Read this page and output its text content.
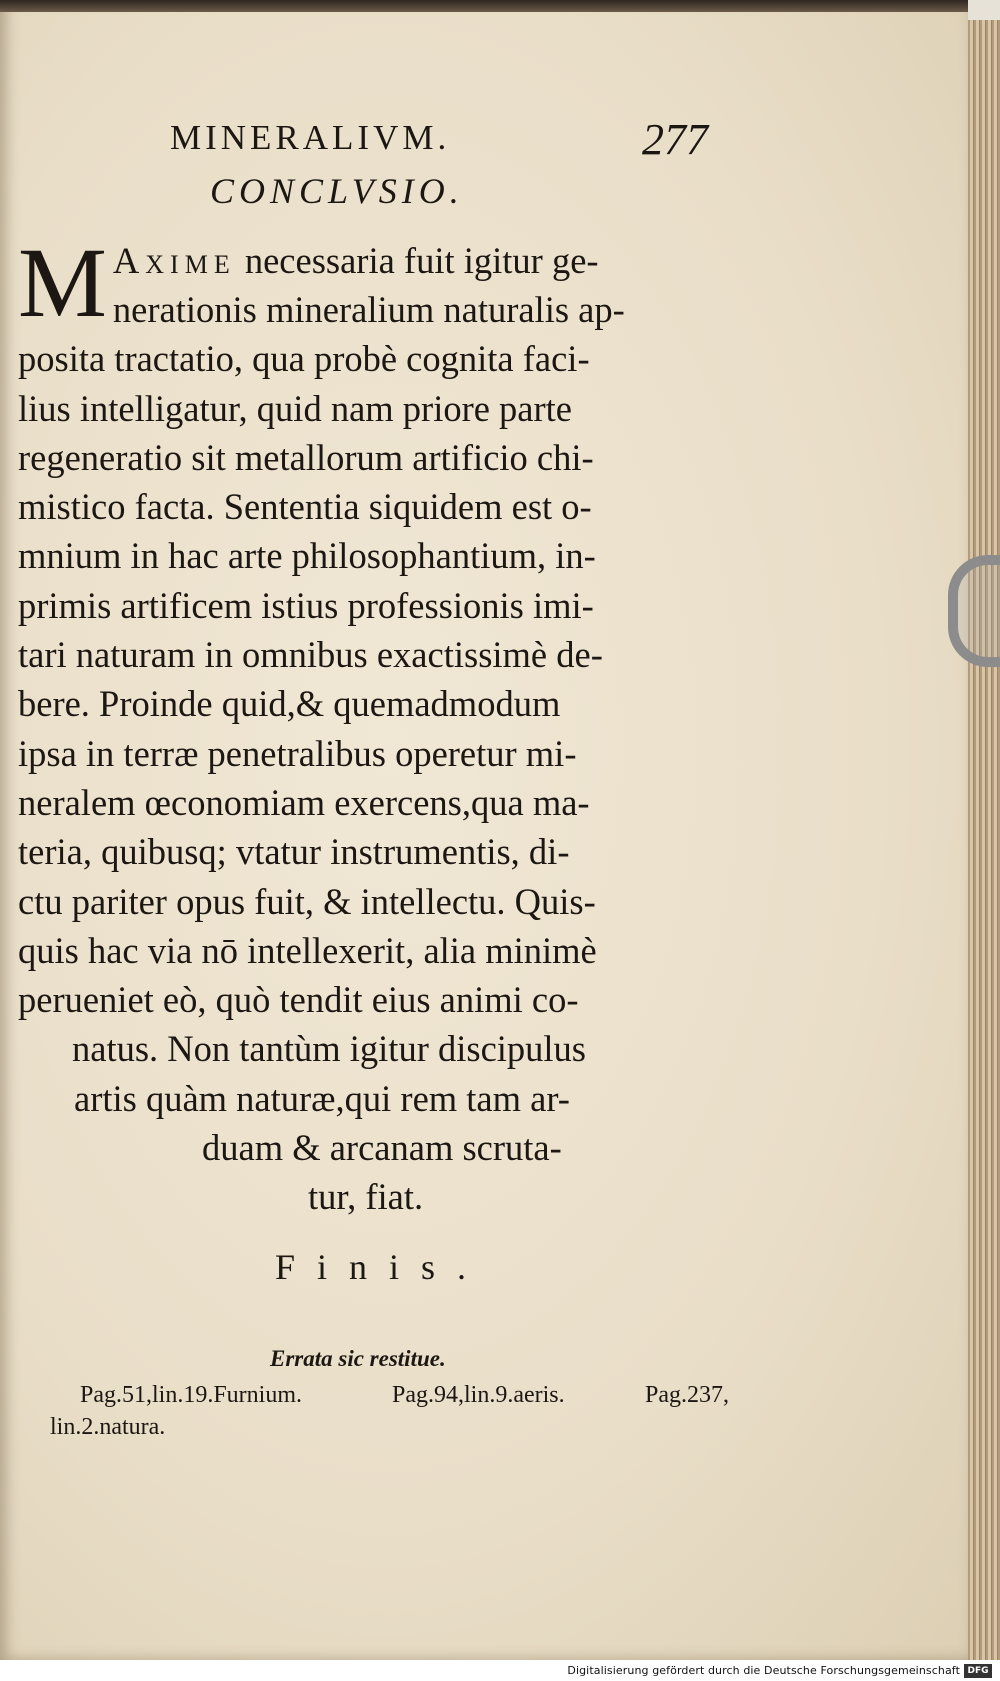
MINERALIVM.	277
CONCLVSIO.
M Axime necessaria fuit igitur ge-
nerationis mineralium naturalis ap-
posita tractatio, qua probè cognita faci-
lius intelligatur, quid nam priore parte
regeneratio sit metallorum artificio chi-
mistico facta. Sententia siquidem est o-
mnium in hac arte philosophantium, in-
primis artificem istius professionis imi-
tari naturam in omnibus exactissimè de-
bere. Proinde quid,& quemadmodum
ipsa in terræ penetralibus operetur mi-
neralem œconomiam exercens,qua ma-
teria, quibusq; vtatur instrumentis, di-
ctu pariter opus fuit, & intellectu. Quis-
quis hac via nō intellexerit, alia minimè
perueniet eò, quò tendit eius animi co-
natus. Non tantùm igitur discipulus
artis quàm naturæ,qui rem tam ar-
duam & arcanam scruta-
tur, fiat.
Finis.
Errata sic restitue.
Pag.51,lin.19.Furnium.	Pag.94,lin.9.aeris.	Pag.237,
lin.2.natura.
Digitalisierung gefördert durch die Deutsche Forschungsgemeinschaft DFG
